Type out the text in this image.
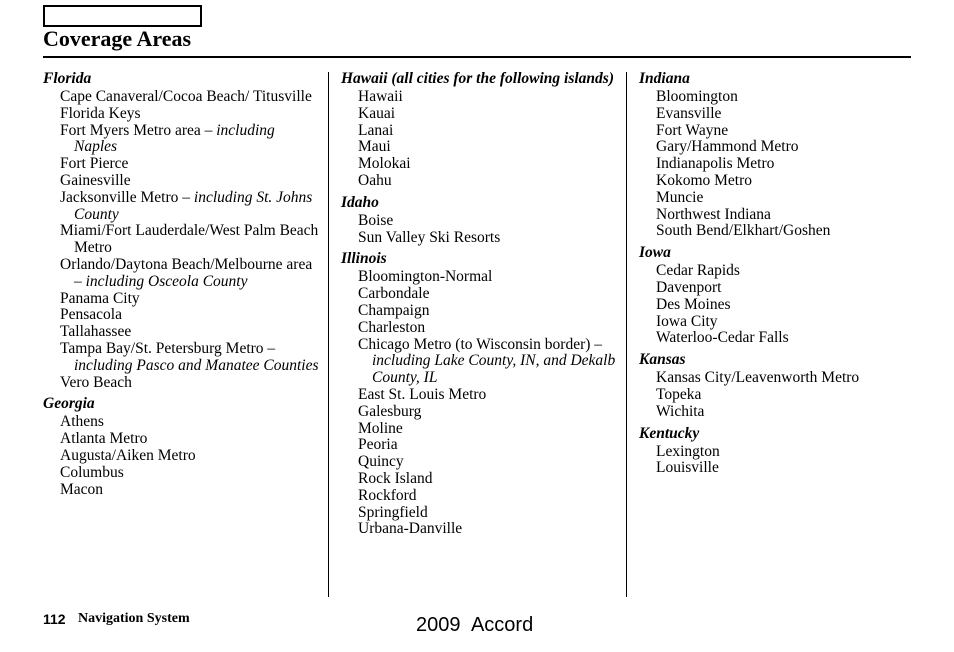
Coverage Areas
Florida
Cape Canaveral/Cocoa Beach/ Titusville
Florida Keys
Fort Myers Metro area – including Naples
Fort Pierce
Gainesville
Jacksonville Metro – including St. Johns County
Miami/Fort Lauderdale/West Palm Beach Metro
Orlando/Daytona Beach/Melbourne area – including Osceola County
Panama City
Pensacola
Tallahassee
Tampa Bay/St. Petersburg Metro – including Pasco and Manatee Counties
Vero Beach
Georgia
Athens
Atlanta Metro
Augusta/Aiken Metro
Columbus
Macon
Hawaii (all cities for the following islands)
Hawaii
Kauai
Lanai
Maui
Molokai
Oahu
Idaho
Boise
Sun Valley Ski Resorts
Illinois
Bloomington-Normal
Carbondale
Champaign
Charleston
Chicago Metro (to Wisconsin border) – including Lake County, IN, and Dekalb County, IL
East St. Louis Metro
Galesburg
Moline
Peoria
Quincy
Rock Island
Rockford
Springfield
Urbana-Danville
Indiana
Bloomington
Evansville
Fort Wayne
Gary/Hammond Metro
Indianapolis Metro
Kokomo Metro
Muncie
Northwest Indiana
South Bend/Elkhart/Goshen
Iowa
Cedar Rapids
Davenport
Des Moines
Iowa City
Waterloo-Cedar Falls
Kansas
Kansas City/Leavenworth Metro
Topeka
Wichita
Kentucky
Lexington
Louisville
112 Navigation System	2009 Accord
